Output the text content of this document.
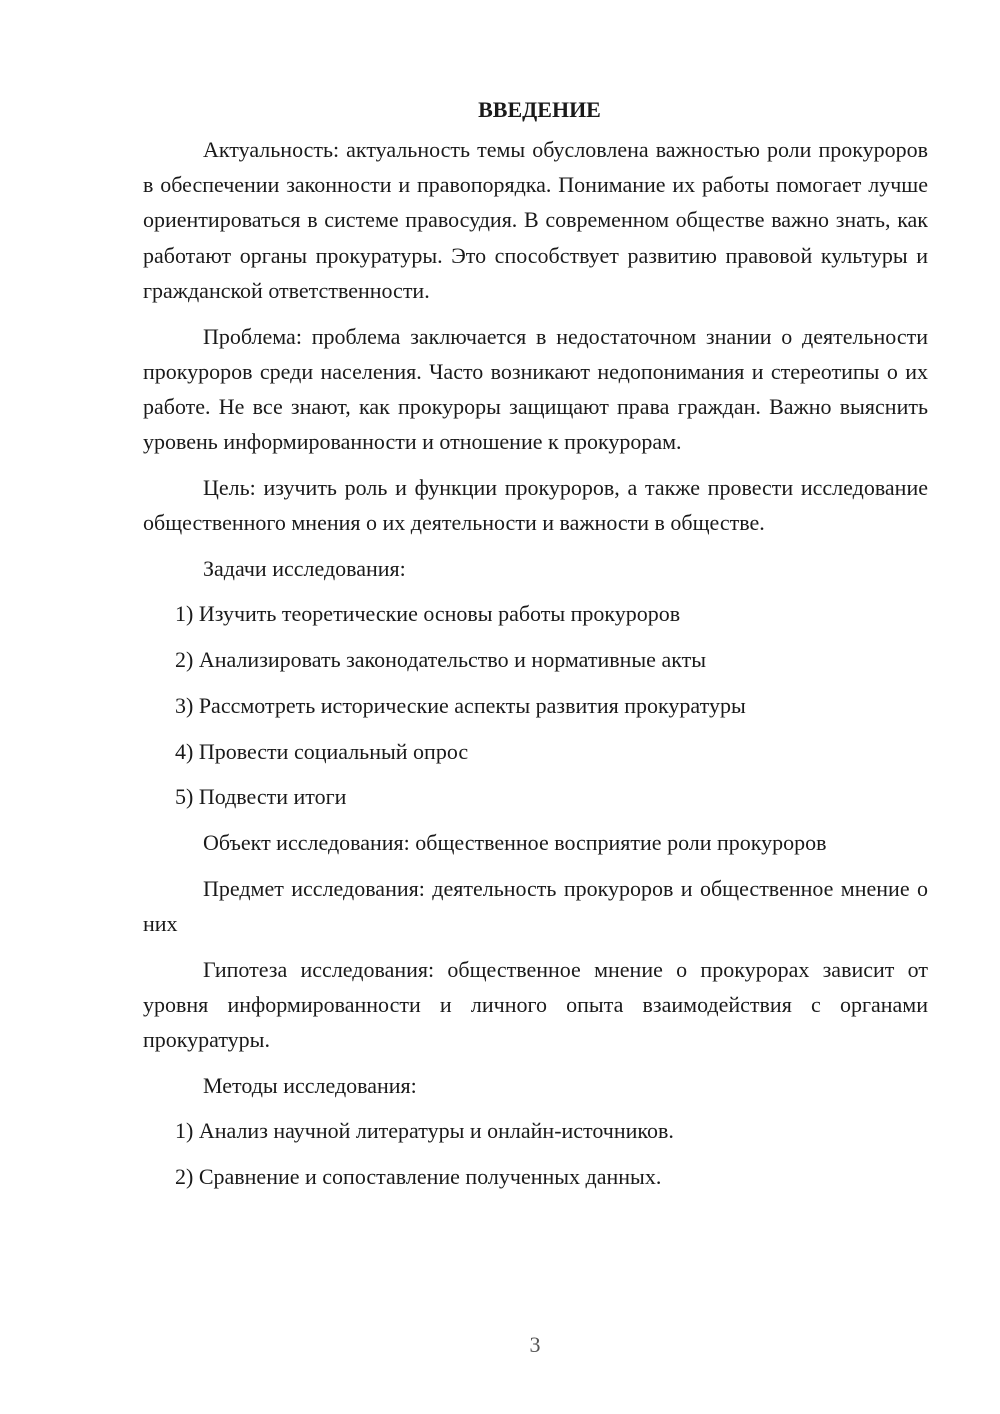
ВВЕДЕНИЕ

Актуальность: актуальность темы обусловлена важностью роли прокуроров в обеспечении законности и правопорядка. Понимание их работы помогает лучше ориентироваться в системе правосудия. В современном обществе важно знать, как работают органы прокуратуры. Это способствует развитию правовой культуры и гражданской ответственности.

Проблема: проблема заключается в недостаточном знании о деятельности прокуроров среди населения. Часто возникают недопонимания и стереотипы о их работе. Не все знают, как прокуроры защищают права граждан. Важно выяснить уровень информированности и отношение к прокурорам.

Цель: изучить роль и функции прокуроров, а также провести исследование общественного мнения о их деятельности и важности в обществе.

Задачи исследования:

1) Изучить теоретические основы работы прокуроров

2) Анализировать законодательство и нормативные акты

3) Рассмотреть исторические аспекты развития прокуратуры

4) Провести социальный опрос

5) Подвести итоги

Объект исследования: общественное восприятие роли прокуроров

Предмет исследования: деятельность прокуроров и общественное мнение о них

Гипотеза исследования: общественное мнение о прокурорах зависит от уровня информированности и личного опыта взаимодействия с органами прокуратуры.

Методы исследования:

1) Анализ научной литературы и онлайн-источников.

2) Сравнение и сопоставление полученных данных.

3
